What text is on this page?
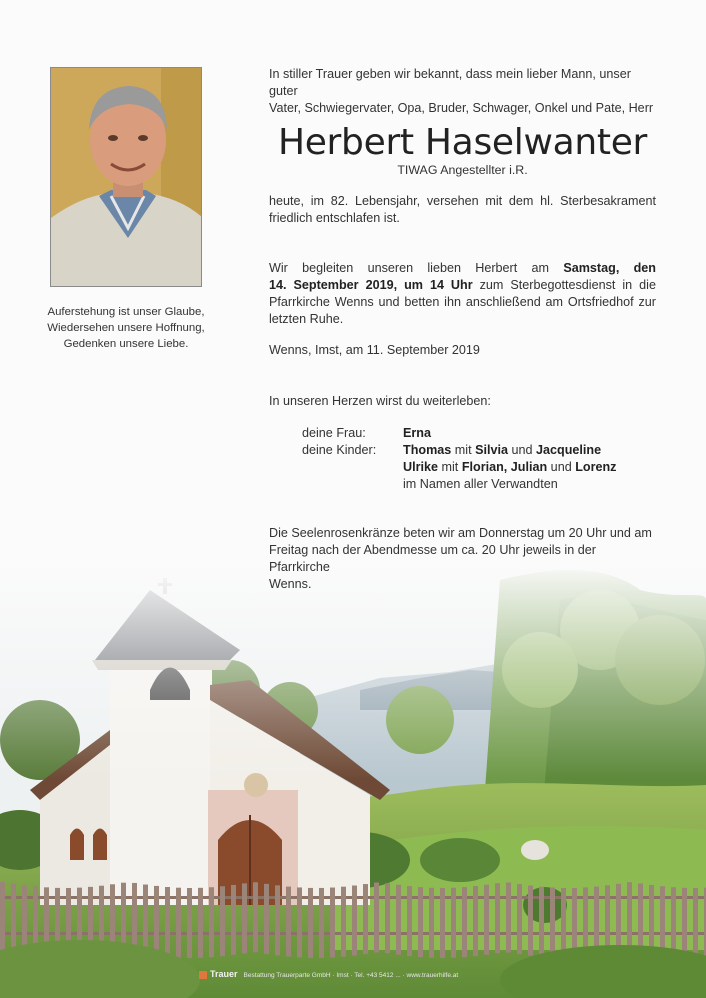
Auferstehung ist unser Glaube,
Wiedersehen unsere Hoffnung,
Gedenken unsere Liebe.
In stiller Trauer geben wir bekannt, dass mein lieber Mann, unser guter
Vater, Schwiegervater, Opa, Bruder, Schwager, Onkel und Pate, Herr
Herbert Haselwanter
TIWAG Angestellter i.R.
heute, im 82. Lebensjahr, versehen mit dem hl. Sterbesakrament
friedlich entschlafen ist.
Wir begleiten unseren lieben Herbert am Samstag, den
14. September 2019, um 14 Uhr zum Sterbegottesdienst in die
Pfarrkirche Wenns und betten ihn anschließend am Ortsfriedhof zur
letzten Ruhe.
Wenns, Imst, am 11. September 2019
In unseren Herzen wirst du weiterleben:
deine Frau:	Erna
deine Kinder:	Thomas mit Silvia und Jacqueline
Ulrike mit Florian, Julian und Lorenz
im Namen aller Verwandten
Die Seelenrosenkränze beten wir am Donnerstag um 20 Uhr und am
Freitag nach der Abendmesse um ca. 20 Uhr jeweils in der Pfarrkirche
Wenns.
Trauer Bestattung Trauerparte GmbH · Imst · Tel. +43 5412 ... · www.trauerhilfe.at
